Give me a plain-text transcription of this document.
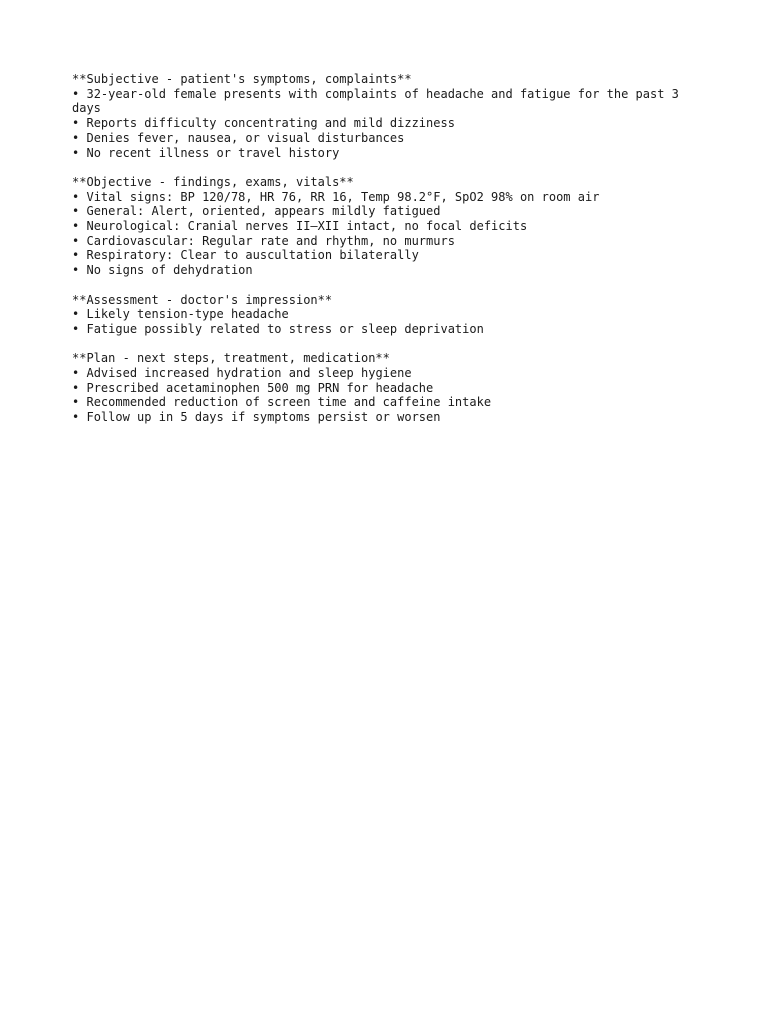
**Subjective - patient's symptoms, complaints**
• 32-year-old female presents with complaints of headache and fatigue for the past 3 days
• Reports difficulty concentrating and mild dizziness
• Denies fever, nausea, or visual disturbances
• No recent illness or travel history
**Objective - findings, exams, vitals**
• Vital signs: BP 120/78, HR 76, RR 16, Temp 98.2°F, SpO2 98% on room air
• General: Alert, oriented, appears mildly fatigued
• Neurological: Cranial nerves II–XII intact, no focal deficits
• Cardiovascular: Regular rate and rhythm, no murmurs
• Respiratory: Clear to auscultation bilaterally
• No signs of dehydration
**Assessment - doctor's impression**
• Likely tension-type headache
• Fatigue possibly related to stress or sleep deprivation
**Plan - next steps, treatment, medication**
• Advised increased hydration and sleep hygiene
• Prescribed acetaminophen 500 mg PRN for headache
• Recommended reduction of screen time and caffeine intake
• Follow up in 5 days if symptoms persist or worsen
